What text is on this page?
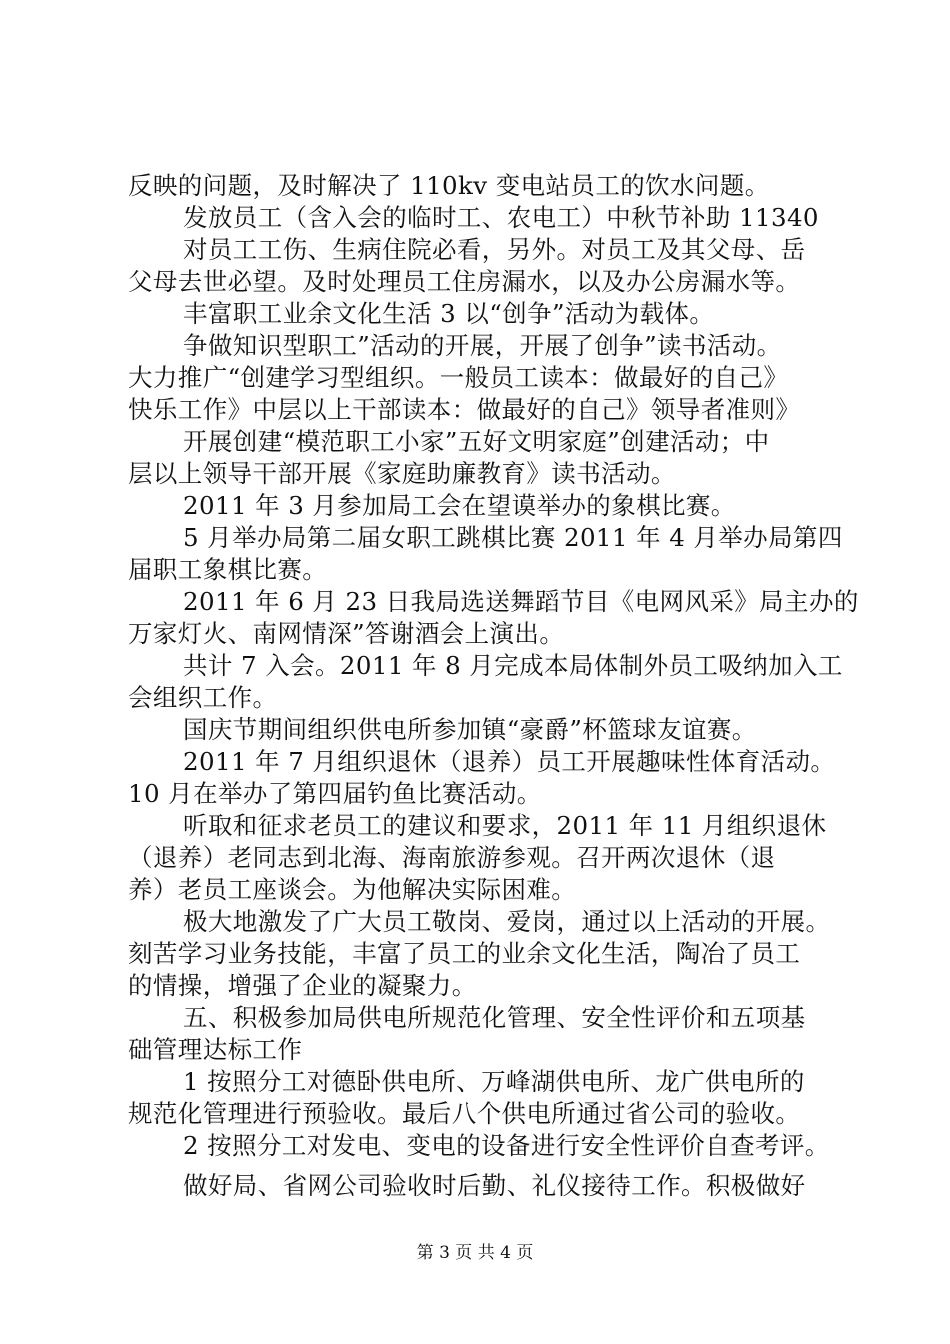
反映的问题，及时解决了 110kv 变电站员工的饮水问题。
发放员工（含入会的临时工、农电工）中秋节补助 11340
对员工工伤、生病住院必看，另外。对员工及其父母、岳
父母去世必望。及时处理员工住房漏水，以及办公房漏水等。
丰富职工业余文化生活 3 以“创争”活动为载体。
争做知识型职工”活动的开展，开展了创争”读书活动。
大力推广“创建学习型组织。一般员工读本：做最好的自己》
快乐工作》中层以上干部读本：做最好的自己》领导者准则》
开展创建“模范职工小家”五好文明家庭”创建活动；中
层以上领导干部开展《家庭助廉教育》读书活动。
2011 年 3 月参加局工会在望谟举办的象棋比赛。
5 月举办局第二届女职工跳棋比赛 2011 年 4 月举办局第四
届职工象棋比赛。
2011 年 6 月 23 日我局选送舞蹈节目《电网风采》局主办的
万家灯火、南网情深”答谢酒会上演出。
共计 7 入会。2011 年 8 月完成本局体制外员工吸纳加入工
会组织工作。
国庆节期间组织供电所参加镇“豪爵”杯篮球友谊赛。
2011 年 7 月组织退休（退养）员工开展趣味性体育活动。
10 月在举办了第四届钓鱼比赛活动。
听取和征求老员工的建议和要求，2011 年 11 月组织退休
（退养）老同志到北海、海南旅游参观。召开两次退休（退
养）老员工座谈会。为他解决实际困难。
极大地激发了广大员工敬岗、爱岗，通过以上活动的开展。
刻苦学习业务技能，丰富了员工的业余文化生活，陶冶了员工
的情操，增强了企业的凝聚力。
五、积极参加局供电所规范化管理、安全性评价和五项基
础管理达标工作
1 按照分工对德卧供电所、万峰湖供电所、龙广供电所的
规范化管理进行预验收。最后八个供电所通过省公司的验收。
2 按照分工对发电、变电的设备进行安全性评价自查考评。
做好局、省网公司验收时后勤、礼仪接待工作。积极做好
第 3 页 共 4 页
